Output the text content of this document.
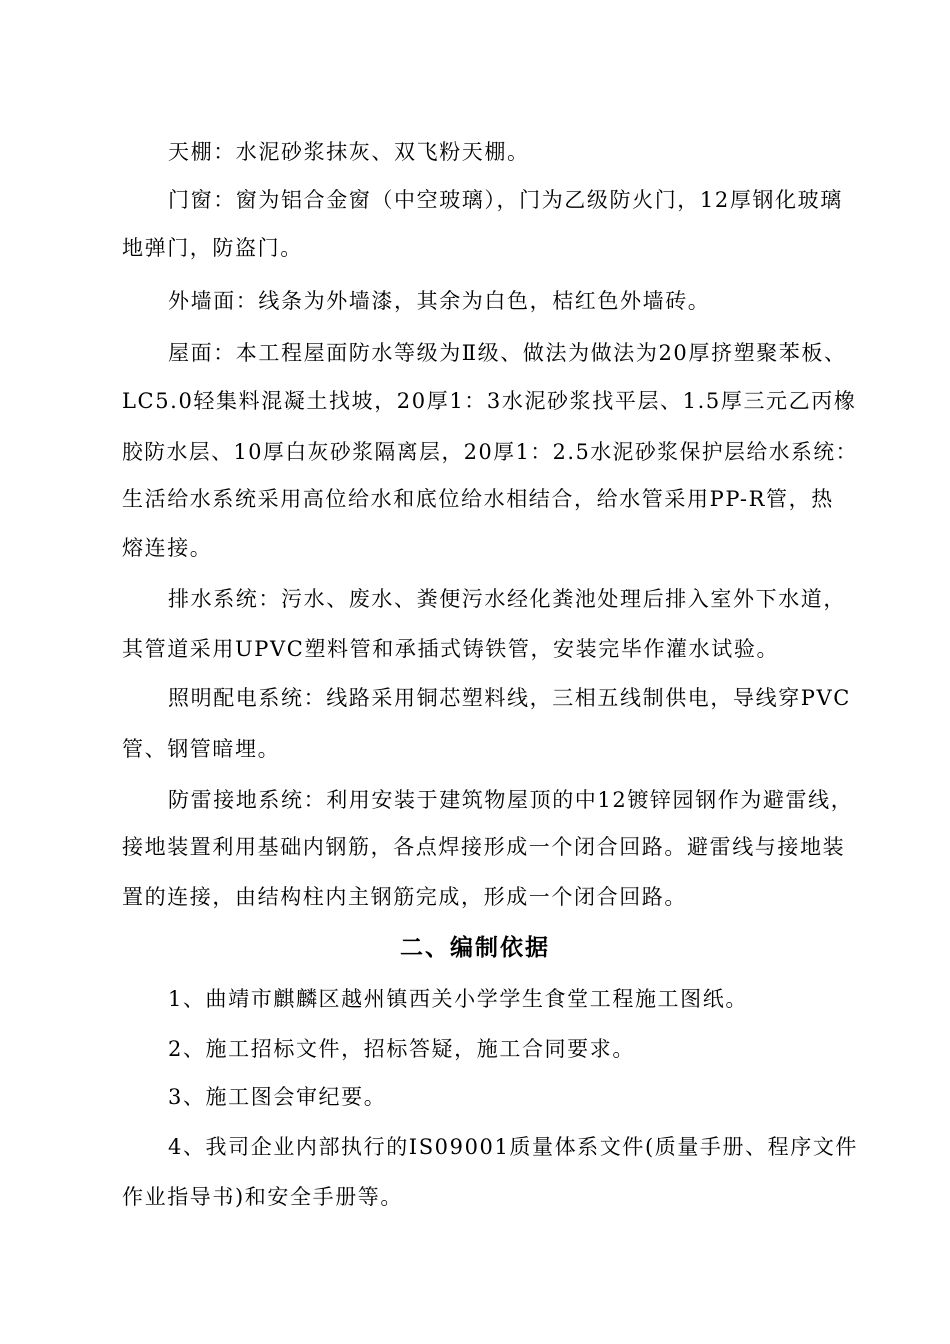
天棚：水泥砂浆抹灰、双飞粉天棚。
门窗：窗为铝合金窗（中空玻璃），门为乙级防火门，12厚钢化玻璃
地弹门，防盗门。
外墙面：线条为外墙漆，其余为白色，桔红色外墙砖。
屋面：本工程屋面防水等级为Ⅱ级、做法为做法为20厚挤塑聚苯板、
LC5.0轻集料混凝土找坡，20厚1：3水泥砂浆找平层、1.5厚三元乙丙橡
胶防水层、10厚白灰砂浆隔离层，20厚1：2.5水泥砂浆保护层给水系统：
生活给水系统采用高位给水和底位给水相结合，给水管采用PP-R管，热
熔连接。
排水系统：污水、废水、粪便污水经化粪池处理后排入室外下水道，
其管道采用UPVC塑料管和承插式铸铁管，安装完毕作灌水试验。
照明配电系统：线路采用铜芯塑料线，三相五线制供电，导线穿PVC
管、钢管暗埋。
防雷接地系统：利用安装于建筑物屋顶的中12镀锌园钢作为避雷线，
接地装置利用基础内钢筋，各点焊接形成一个闭合回路。避雷线与接地装
置的连接，由结构柱内主钢筋完成，形成一个闭合回路。
二、编制依据
1、曲靖市麒麟区越州镇西关小学学生食堂工程施工图纸。
2、施工招标文件，招标答疑，施工合同要求。
3、施工图会审纪要。
4、我司企业内部执行的IS09001质量体系文件(质量手册、程序文件
作业指导书)和安全手册等。
